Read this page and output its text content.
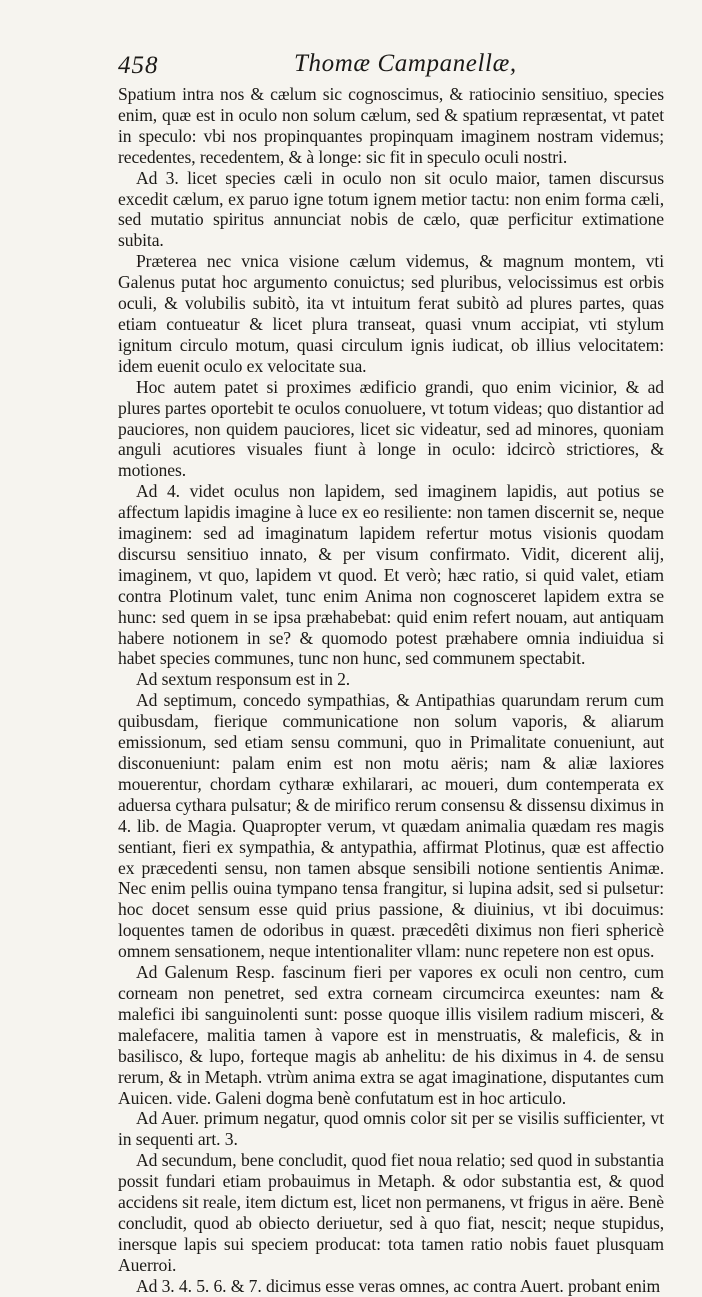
458	Thomæ Campanellæ,

Spatium intra nos & cælum sic cognoscimus, & ratiocinio sensitiuo, species enim, quæ est in oculo non solum cælum, sed & spatium repræsentat, vt patet in speculo: vbi nos propinquantes propinquam imaginem nostram videmus; recedentes, recedentem, & à longe: sic fit in speculo oculi nostri.

Ad 3. licet species cæli in oculo non sit oculo maior, tamen discursus excedit cælum, ex paruo igne totum ignem metior tactu: non enim forma cæli, sed mutatio spiritus annunciat nobis de cælo, quæ perficitur extimatione subita.

Præterea nec vnica visione cælum videmus, & magnum montem, vti Galenus putat hoc argumento conuictus; sed pluribus, velocissimus est orbis oculi, & volubilis subitò, ita vt intuitum ferat subitò ad plures partes, quas etiam contueatur & licet plura transeat, quasi vnum accipiat, vti stylum ignitum circulo motum, quasi circulum ignis iudicat, ob illius velocitatem: idem euenit oculo ex velocitate sua.

Hoc autem patet si proximes ædificio grandi, quo enim vicinior, & ad plures partes oportebit te oculos conuoluere, vt totum videas; quo distantior ad pauciores, non quidem pauciores, licet sic videatur, sed ad minores, quoniam anguli acutiores visuales fiunt à longe in oculo: idcircò strictiores, & motiones.

Ad 4. videt oculus non lapidem, sed imaginem lapidis, aut potius se affectum lapidis imagine à luce ex eo resiliente: non tamen discernit se, neque imaginem: sed ad imaginatum lapidem refertur motus visionis quodam discursu sensitiuo innato, & per visum confirmato. Vidit, dicerent alij, imaginem, vt quo, lapidem vt quod. Et verò; hæc ratio, si quid valet, etiam contra Plotinum valet, tunc enim Anima non cognosceret lapidem extra se hunc: sed quem in se ipsa præhabebat: quid enim refert nouam, aut antiquam habere notionem in se? & quomodo potest præhabere omnia indiuidua si habet species communes, tunc non hunc, sed communem spectabit.

Ad sextum responsum est in 2.

Ad septimum, concedo sympathias, & Antipathias quarundam rerum cum quibusdam, fierique communicatione non solum vaporis, & aliarum emissionum, sed etiam sensu communi, quo in Primalitate conueniunt, aut disconueniunt: palam enim est non motu aëris; nam & aliæ laxiores mouerentur, chordam cytharæ exhilarari, ac moueri, dum contemperata ex aduersa cythara pulsatur; & de mirifico rerum consensu & dissensu diximus in 4. lib. de Magia. Quapropter verum, vt quædam animalia quædam res magis sentiant, fieri ex sympathia, & antypathia, affirmat Plotinus, quæ est affectio ex præcedenti sensu, non tamen absque sensibili notione sentientis Animæ. Nec enim pellis ouina tympano tensa frangitur, si lupina adsit, sed si pulsetur: hoc docet sensum esse quid prius passione, & diuinius, vt ibi docuimus: loquentes tamen de odoribus in quæst. præcedêti diximus non fieri sphericè omnem sensationem, neque intentionaliter vllam: nunc repetere non est opus.

Ad Galenum Resp. fascinum fieri per vapores ex oculi non centro, cum corneam non penetret, sed extra corneam circumcirca exeuntes: nam & malefici ibi sanguinolenti sunt: posse quoque illis visilem radium misceri, & malefacere, malitia tamen à vapore est in menstruatis, & maleficis, & in basilisco, & lupo, forteque magis ab anhelitu: de his diximus in 4. de sensu rerum, & in Metaph. vtrùm anima extra se agat imaginatione, disputantes cum Auicen. vide. Galeni dogma benè confutatum est in hoc articulo.

Ad Auer. primum negatur, quod omnis color sit per se visilis sufficienter, vt in sequenti art. 3.

Ad secundum, bene concludit, quod fiet noua relatio; sed quod in substantia possit fundari etiam probauimus in Metaph. & odor substantia est, & quod accidens sit reale, item dictum est, licet non permanens, vt frigus in aëre. Benè concludit, quod ab obiecto deriuetur, sed à quo fiat, nescit; neque stupidus, inersque lapis sui speciem producat: tota tamen ratio nobis fauet plusquam Auerroi.

Ad 3. 4. 5. 6. & 7. dicimus esse veras omnes, ac contra Auert. probant enim
